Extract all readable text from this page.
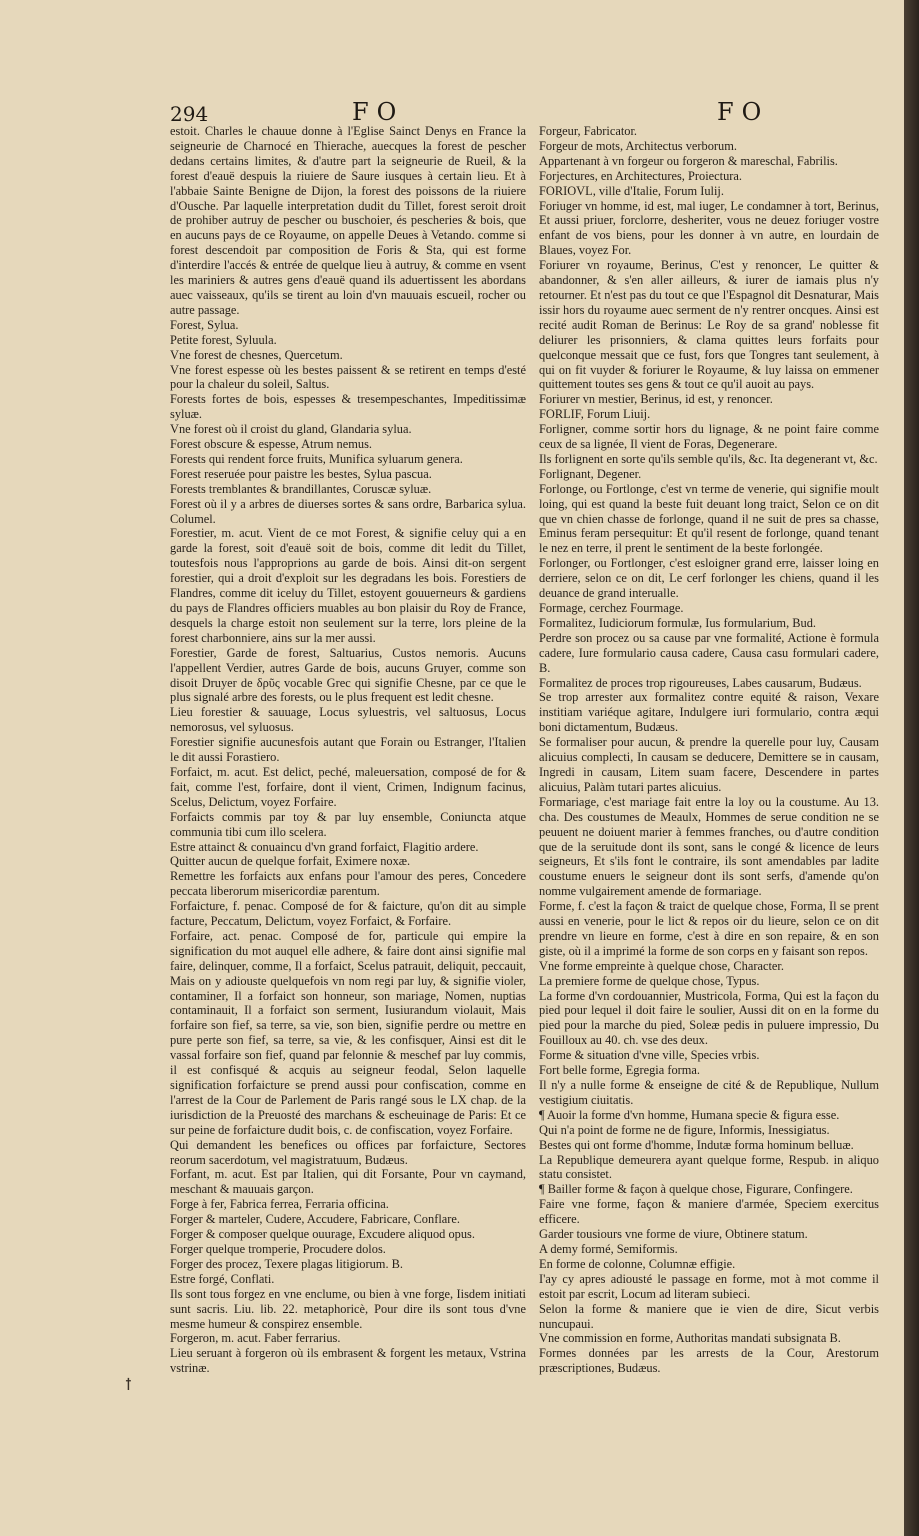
294	FO	FO

estoit. Charles le chauue donne à l'Eglise Sainct Denys en France la seigneurie de Charnocé en Thierache, auecques la forest de pescher dedans certains limites, & d'autre part la seigneurie de Rueil, & la forest d'eauë despuis la riuiere de Saure iusques à certain lieu. Et à l'abbaie Sainte Benigne de Dijon, la forest des poissons de la riuiere d'Ousche. Par laquelle interpretation dudit du Tillet, forest seroit droit de prohiber autruy de pescher ou buschoier, és pescheries & bois, que en aucuns pays de ce Royaume, on appelle Deues à Vetando. comme si forest descendoit par composition de Foris & Sta, qui est forme d'interdire l'accés & entrée de quelque lieu à autruy, & comme en vsent les mariniers & autres gens d'eauë quand ils aduertissent les abordans auec vaisseaux, qu'ils se tirent au loin d'vn mauuais escueil, rocher ou autre passage.

Forest, Sylua.

Petite forest, Syluula.

Vne forest de chesnes, Quercetum.

Vne forest espesse où les bestes paissent & se retirent en temps d'esté pour la chaleur du soleil, Saltus.

Forests fortes de bois, espesses & tresempeschantes, Impeditissimæ syluæ.

Vne forest où il croist du gland, Glandaria sylua.

Forest obscure & espesse, Atrum nemus.

Forests qui rendent force fruits, Munifica syluarum genera.

Forest reseruée pour paistre les bestes, Sylua pascua.

Forests tremblantes & brandillantes, Coruscæ syluæ.

Forest où il y a arbres de diuerses sortes & sans ordre, Barbarica sylua. Columel.

Forestier, m. acut. Vient de ce mot Forest, & signifie celuy qui a en garde la forest, soit d'eauë soit de bois, comme dit ledit du Tillet, toutesfois nous l'approprions au garde de bois. Ainsi dit-on sergent forestier, qui a droit d'exploit sur les degradans les bois. Forestiers de Flandres, comme dit iceluy du Tillet, estoyent gouuerneurs & gardiens du pays de Flandres officiers muables au bon plaisir du Roy de France, desquels la charge estoit non seulement sur la terre, lors pleine de la forest charbonniere, ains sur la mer aussi.

Forestier, Garde de forest, Saltuarius, Custos nemoris. Aucuns l'appellent Verdier, autres Garde de bois, aucuns Gruyer, comme son disoit Druyer de δρῦς vocable Grec qui signifie Chesne, par ce que le plus signalé arbre des forests, ou le plus frequent est ledit chesne.

Lieu forestier & sauuage, Locus syluestris, vel saltuosus, Locus nemorosus, vel syluosus.

Forestier signifie aucunesfois autant que Forain ou Estranger, l'Italien le dit aussi Forastiero.

Forfaict, m. acut. Est delict, peché, maleuersation, composé de for & fait, comme l'est, forfaire, dont il vient, Crimen, Indignum facinus, Scelus, Delictum, voyez Forfaire.

Forfaicts commis par toy & par luy ensemble, Coniuncta atque communia tibi cum illo scelera.

Estre attainct & conuaincu d'vn grand forfaict, Flagitio ardere.

Quitter aucun de quelque forfait, Eximere noxæ.

Remettre les forfaicts aux enfans pour l'amour des peres, Concedere peccata liberorum misericordiæ parentum.

Forfaicture, f. penac. Composé de for & faicture, qu'on dit au simple facture, Peccatum, Delictum, voyez Forfaict, & Forfaire.

Forfaire, act. penac. Composé de for, particule qui empire la signification du mot auquel elle adhere, & faire dont ainsi signifie mal faire, delinquer, comme, Il a forfaict, Scelus patrauit, deliquit, peccauit, Mais on y adiouste quelquefois vn nom regi par luy, & signifie violer, contaminer, Il a forfaict son honneur, son mariage, Nomen, nuptias contaminauit, Il a forfaict son serment, Iusiurandum violauit, Mais forfaire son fief, sa terre, sa vie, son bien, signifie perdre ou mettre en pure perte son fief, sa terre, sa vie, & les confisquer, Ainsi est dit le vassal forfaire son fief, quand par felonnie & meschef par luy commis, il est confisqué & acquis au seigneur feodal, Selon laquelle signification forfaicture se prend aussi pour confiscation, comme en l'arrest de la Cour de Parlement de Paris rangé sous le LX chap. de la iurisdiction de la Preuosté des marchans & escheuinage de Paris: Et ce sur peine de forfaicture dudit bois, c. de confiscation, voyez Forfaire.

Qui demandent les benefices ou offices par forfaicture, Sectores reorum sacerdotum, vel magistratuum, Budæus.

Forfant, m. acut. Est par Italien, qui dit Forsante, Pour vn caymand, meschant & mauuais garçon.

Forge à fer, Fabrica ferrea, Ferraria officina.

Forger & marteler, Cudere, Accudere, Fabricare, Conflare.

Forger & composer quelque ouurage, Excudere aliquod opus.

Forger quelque tromperie, Procudere dolos.

Forger des procez, Texere plagas litigiorum. B.

Estre forgé, Conflati.

Ils sont tous forgez en vne enclume, ou bien à vne forge, Iisdem initiati sunt sacris. Liu. lib. 22. metaphoricè, Pour dire ils sont tous d'vne mesme humeur & conspirez ensemble.

Forgeron, m. acut. Faber ferrarius.

Lieu seruant à forgeron où ils embrasent & forgent les metaux, Vstrina vstrinæ.

Forgeur, Fabricator.

Forgeur de mots, Architectus verborum.

Appartenant à vn forgeur ou forgeron & mareschal, Fabrilis.

Forjectures, en Architectures, Proiectura.

FORIOVL, ville d'Italie, Forum Iulij.

Foriuger vn homme, id est, mal iuger, Le condamner à tort, Berinus, Et aussi priuer, forclorre, desheriter, vous ne deuez foriuger vostre enfant de vos biens, pour les donner à vn autre, en lourdain de Blaues, voyez For.

Foriurer vn royaume, Berinus, C'est y renoncer, Le quitter & abandonner, & s'en aller ailleurs, & iurer de iamais plus n'y retourner. Et n'est pas du tout ce que l'Espagnol dit Desnaturar, Mais issir hors du royaume auec serment de n'y rentrer oncques. Ainsi est recité audit Roman de Berinus: Le Roy de sa grand' noblesse fit deliurer les prisonniers, & clama quittes leurs forfaits pour quelconque messait que ce fust, fors que Tongres tant seulement, à qui on fit vuyder & foriurer le Royaume, & luy laissa on emmener quittement toutes ses gens & tout ce qu'il auoit au pays.

Foriurer vn mestier, Berinus, id est, y renoncer.

FORLIF, Forum Liuij.

Forligner, comme sortir hors du lignage, & ne point faire comme ceux de sa lignée, Il vient de Foras, Degenerare.

Ils forlignent en sorte qu'ils semble qu'ils, &c. Ita degenerant vt, &c.

Forlignant, Degener.

Forlonge, ou Fortlonge, c'est vn terme de venerie, qui signifie moult loing, qui est quand la beste fuit deuant long traict, Selon ce on dit que vn chien chasse de forlonge, quand il ne suit de pres sa chasse, Eminus feram persequitur: Et qu'il resent de forlonge, quand tenant le nez en terre, il prent le sentiment de la beste forlongée.

Forlonger, ou Fortlonger, c'est esloigner grand erre, laisser loing en derriere, selon ce on dit, Le cerf forlonger les chiens, quand il les deuance de grand interualle.

Formage, cerchez Fourmage.

Formalitez, Iudiciorum formulæ, Ius formularium, Bud.

Perdre son procez ou sa cause par vne formalité, Actione è formula cadere, Iure formulario causa cadere, Causa casu formulari cadere, B.

Formalitez de proces trop rigoureuses, Labes causarum, Budæus.

Se trop arrester aux formalitez contre equité & raison, Vexare institiam variéque agitare, Indulgere iuri formulario, contra æqui boni dictamentum, Budæus.

Se formaliser pour aucun, & prendre la querelle pour luy, Causam alicuius complecti, In causam se deducere, Demittere se in causam, Ingredi in causam, Litem suam facere, Descendere in partes alicuius, Palàm tutari partes alicuius.

Formariage, c'est mariage fait entre la loy ou la coustume. Au 13. cha. Des coustumes de Meaulx, Hommes de serue condition ne se peuuent ne doiuent marier à femmes franches, ou d'autre condition que de la seruitude dont ils sont, sans le congé & licence de leurs seigneurs, Et s'ils font le contraire, ils sont amendables par ladite coustume enuers le seigneur dont ils sont serfs, d'amende qu'on nomme vulgairement amende de formariage.

Forme, f. c'est la façon & traict de quelque chose, Forma, Il se prent aussi en venerie, pour le lict & repos oir du lieure, selon ce on dit prendre vn lieure en forme, c'est à dire en son repaire, & en son giste, où il a imprimé la forme de son corps en y faisant son repos.

Vne forme empreinte à quelque chose, Character.

La premiere forme de quelque chose, Typus.

La forme d'vn cordouannier, Mustricola, Forma, Qui est la façon du pied pour lequel il doit faire le soulier, Aussi dit on en la forme du pied pour la marche du pied, Soleæ pedis in puluere impressio, Du Fouilloux au 40. ch. vse des deux.

Forme & situation d'vne ville, Species vrbis.

Fort belle forme, Egregia forma.

Il n'y a nulle forme & enseigne de cité & de Republique, Nullum vestigium ciuitatis.

¶ Auoir la forme d'vn homme, Humana specie & figura esse.

Qui n'a point de forme ne de figure, Informis, Inessigiatus.

Bestes qui ont forme d'homme, Indutæ forma hominum belluæ.

La Republique demeurera ayant quelque forme, Respub. in aliquo statu consistet.

¶ Bailler forme & façon à quelque chose, Figurare, Confingere.

Faire vne forme, façon & maniere d'armée, Speciem exercitus efficere.

Garder tousiours vne forme de viure, Obtinere statum.

A demy formé, Semiformis.

En forme de colonne, Columnæ effigie.

I'ay cy apres adiousté le passage en forme, mot à mot comme il estoit par escrit, Locum ad literam subieci.

Selon la forme & maniere que ie vien de dire, Sicut verbis nuncupaui.

Vne commission en forme, Authoritas mandati subsignata B.

Formes données par les arrests de la Cour, Arestorum præscriptiones, Budæus.

ꝉ
